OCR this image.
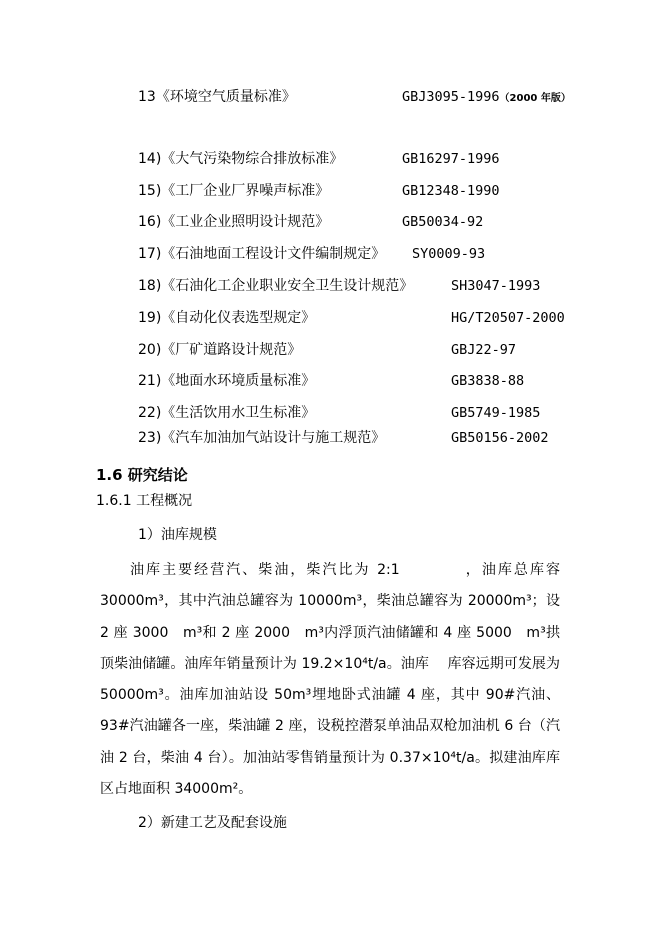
13《环境空气质量标准》	GBJ3095-1996（2000 年版）
14)《大气污染物综合排放标准》	GB16297-1996
15)《工厂企业厂界噪声标准》	GB12348-1990
16)《工业企业照明设计规范》	GB50034-92
17)《石油地面工程设计文件编制规定》 SY0009-93
18)《石油化工企业职业安全卫生设计规范》	SH3047-1993
19)《自动化仪表选型规定》	HG/T20507-2000
20)《厂矿道路设计规范》	GBJ22-97
21)《地面水环境质量标准》	GB3838-88
22)《生活饮用水卫生标准》	GB5749-1985
23)《汽车加油加气站设计与施工规范》	GB50156-2002
1.6 研究结论
1.6.1 工程概况
1）油库规模
油库主要经营汽、柴油，柴汽比为 2:1　　　　，油库总库容30000m³，其中汽油总罐容为 10000m³，柴油总罐容为 20000m³；设 2 座 3000　m³和 2 座 2000　m³内浮顶汽油储罐和 4 座 5000　m³拱顶柴油储罐。油库年销量预计为 19.2×10⁴t/a。油库　 库容远期可发展为50000m³。油库加油站设 50m³埋地卧式油罐 4 座，其中 90#汽油、93#汽油罐各一座，柴油罐 2 座，设税控潜泵单油品双枪加油机 6 台（汽油 2 台，柴油 4 台）。加油站零售销量预计为 0.37×10⁴t/a。拟建油库库区占地面积 34000m²。
2）新建工艺及配套设施
